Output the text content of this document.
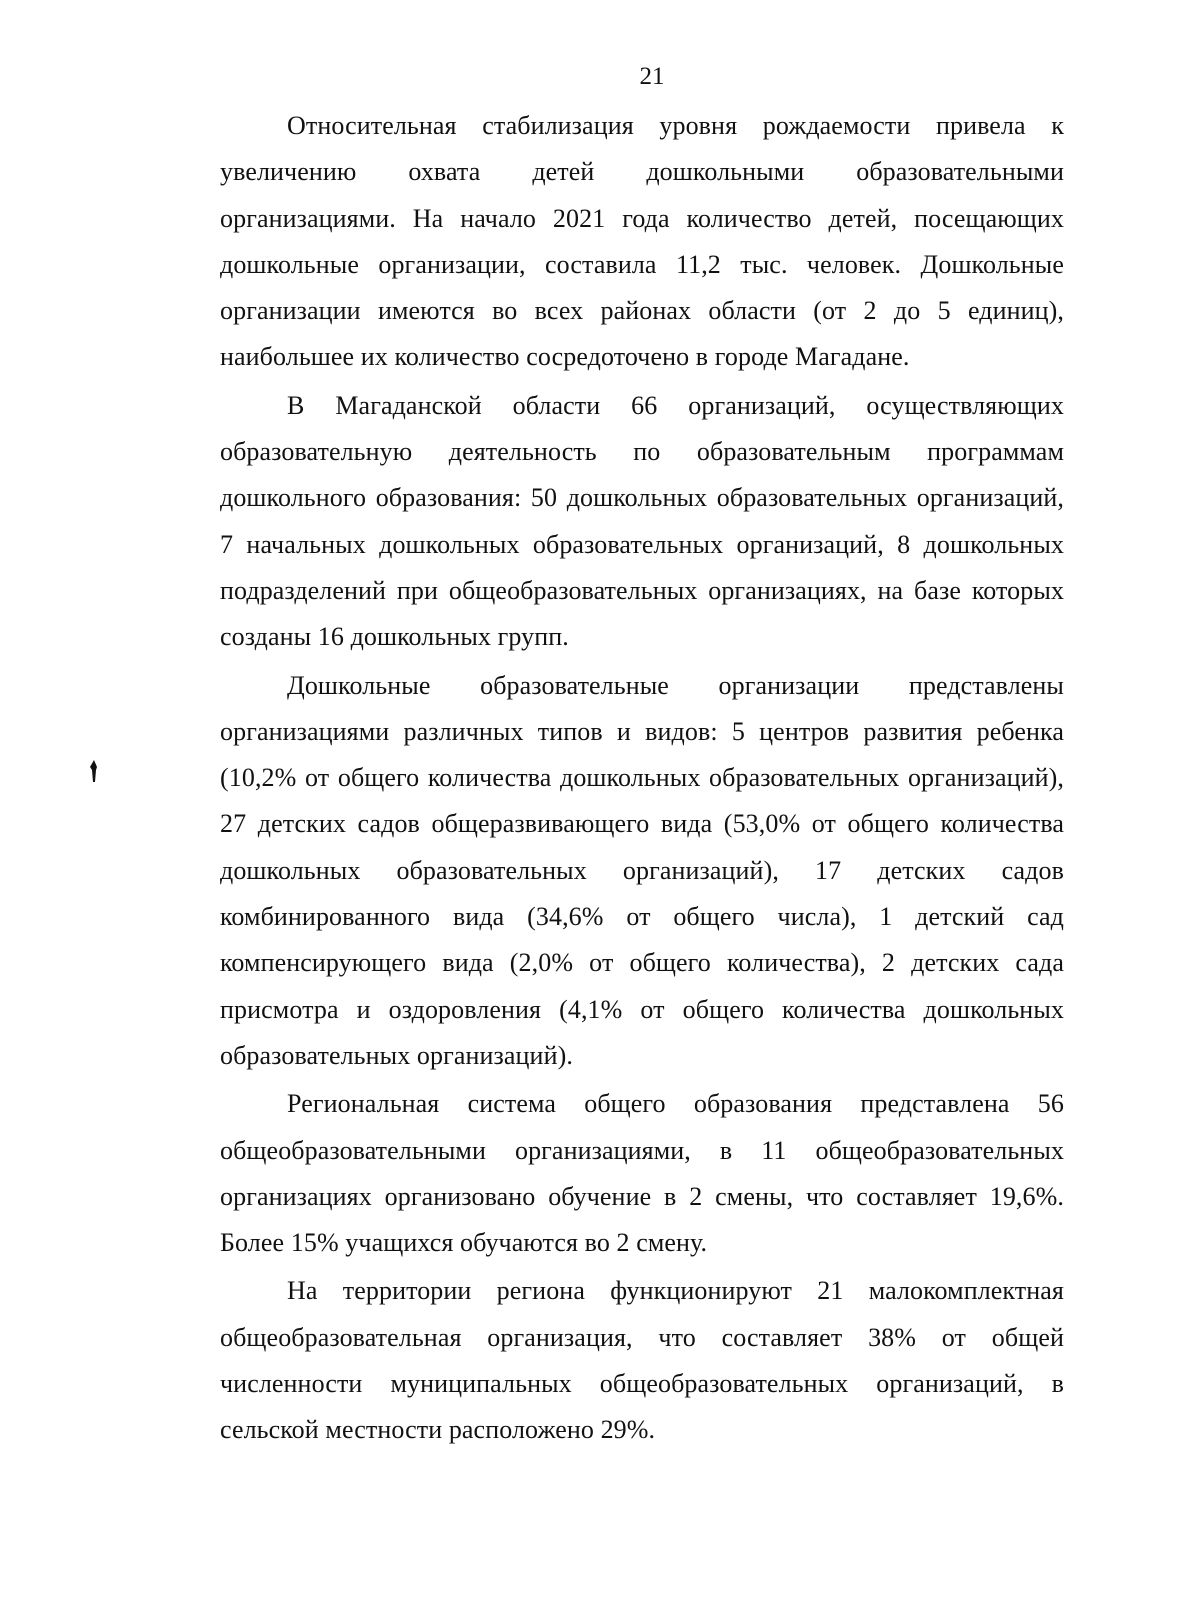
21

Относительная стабилизация уровня рождаемости привела к увеличению охвата детей дошкольными образовательными организациями. На начало 2021 года количество детей, посещающих дошкольные организации, составила 11,2 тыс. человек. Дошкольные организации имеются во всех районах области (от 2 до 5 единиц), наибольшее их количество сосредоточено в городе Магадане.

В Магаданской области 66 организаций, осуществляющих образовательную деятельность по образовательным программам дошкольного образования: 50 дошкольных образовательных организаций, 7 начальных дошкольных образовательных организаций, 8 дошкольных подразделений при общеобразовательных организациях, на базе которых созданы 16 дошкольных групп.

Дошкольные образовательные организации представлены организациями различных типов и видов: 5 центров развития ребенка (10,2% от общего количества дошкольных образовательных организаций), 27 детских садов общеразвивающего вида (53,0% от общего количества дошкольных образовательных организаций), 17 детских садов комбинированного вида (34,6% от общего числа), 1 детский сад компенсирующего вида (2,0% от общего количества), 2 детских сада присмотра и оздоровления (4,1% от общего количества дошкольных образовательных организаций).

Региональная система общего образования представлена 56 общеобразовательными организациями, в 11 общеобразовательных организациях организовано обучение в 2 смены, что составляет 19,6%. Более 15% учащихся обучаются во 2 смену.

На территории региона функционируют 21 малокомплектная общеобразовательная организация, что составляет 38% от общей численности муниципальных общеобразовательных организаций, в сельской местности расположено 29%.
